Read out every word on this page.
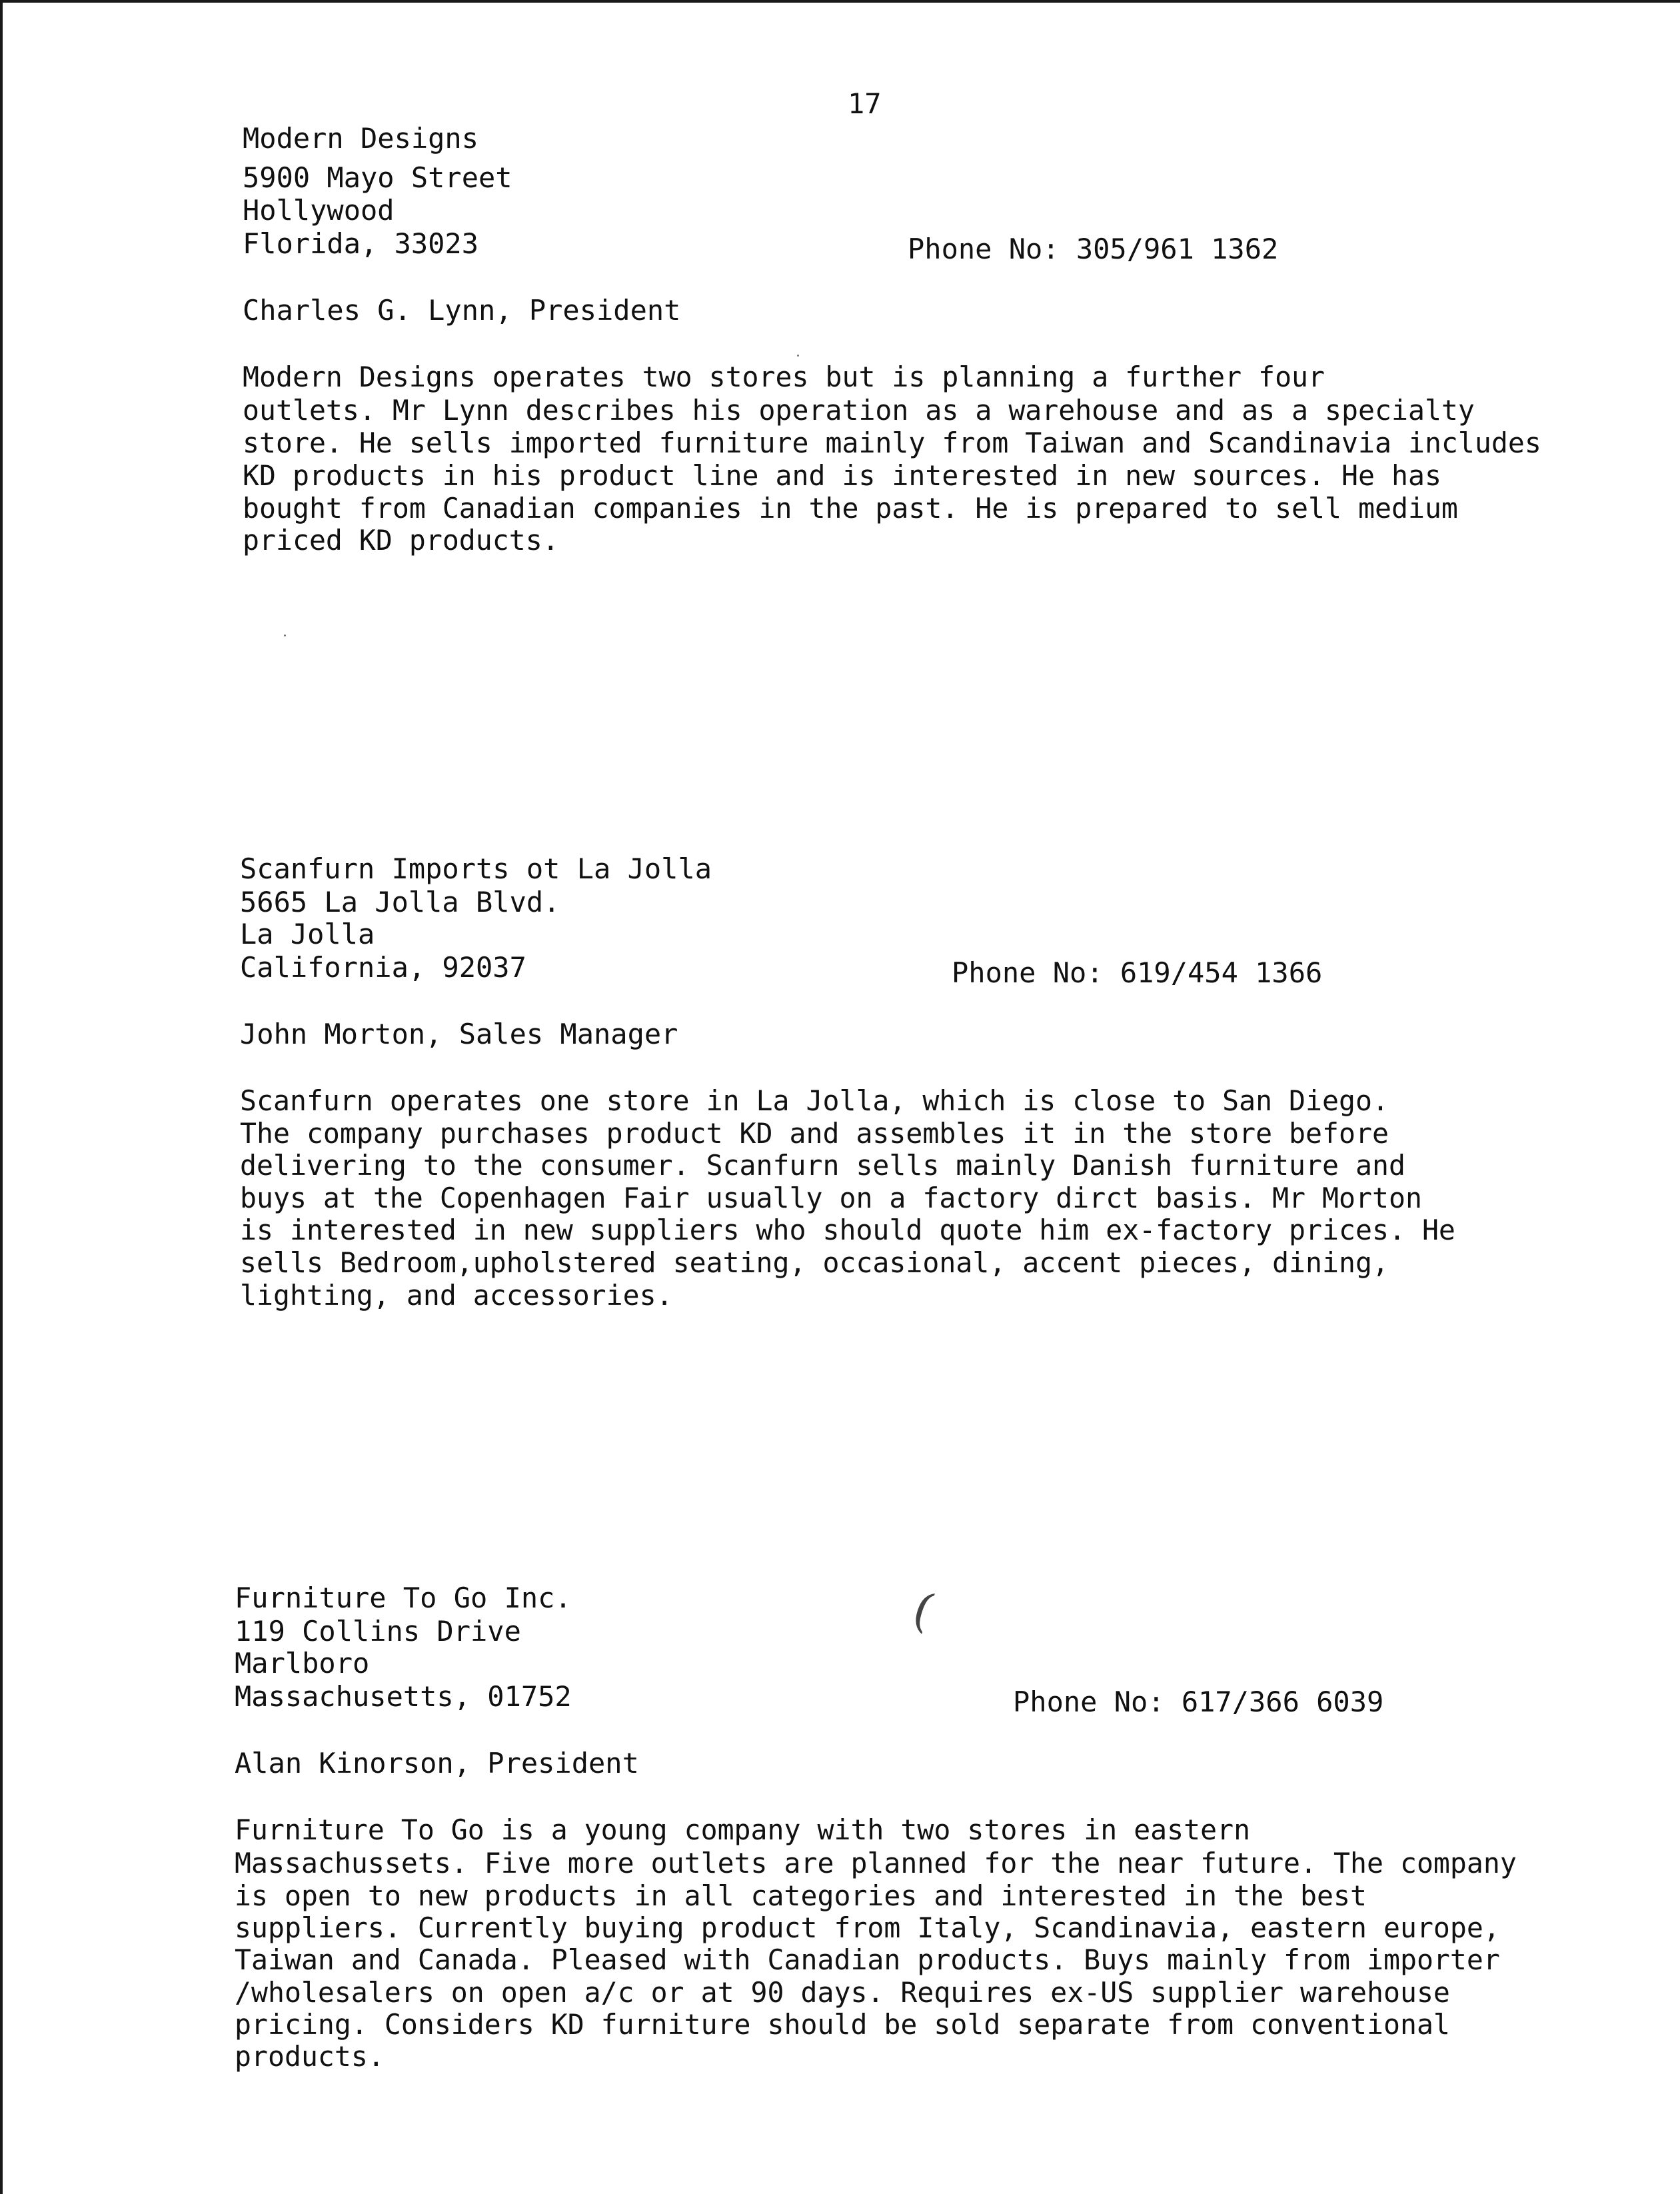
17
Modern Designs
5900 Mayo Street
Hollywood
Florida, 33023	Phone No: 305/961 1362
Charles G. Lynn, President
Modern Designs operates two stores but is planning a further four
outlets. Mr Lynn describes his operation as a warehouse and as a specialty
store. He sells imported furniture mainly from Taiwan and Scandinavia includes
KD products in his product line and is interested in new sources. He has
bought from Canadian companies in the past. He is prepared to sell medium
priced KD products.
Scanfurn Imports ot La Jolla
5665 La Jolla Blvd.
La Jolla
California, 92037	Phone No: 619/454 1366
John Morton, Sales Manager
Scanfurn operates one store in La Jolla, which is close to San Diego.
The company purchases product KD and assembles it in the store before
delivering to the consumer. Scanfurn sells mainly Danish furniture and
buys at the Copenhagen Fair usually on a factory dirct basis. Mr Morton
is interested in new suppliers who should quote him ex-factory prices. He
sells Bedroom,upholstered seating, occasional, accent pieces, dining,
lighting, and accessories.
Furniture To Go Inc.
119 Collins Drive
Marlboro
Massachusetts, 01752	Phone No: 617/366 6039
Alan Kinorson, President
Furniture To Go is a young company with two stores in eastern
Massachussets. Five more outlets are planned for the near future. The company
is open to new products in all categories and interested in the best
suppliers. Currently buying product from Italy, Scandinavia, eastern europe,
Taiwan and Canada. Pleased with Canadian products. Buys mainly from importer
/wholesalers on open a/c or at 90 days. Requires ex-US supplier warehouse
pricing. Considers KD furniture should be sold separate from conventional
products.
(
